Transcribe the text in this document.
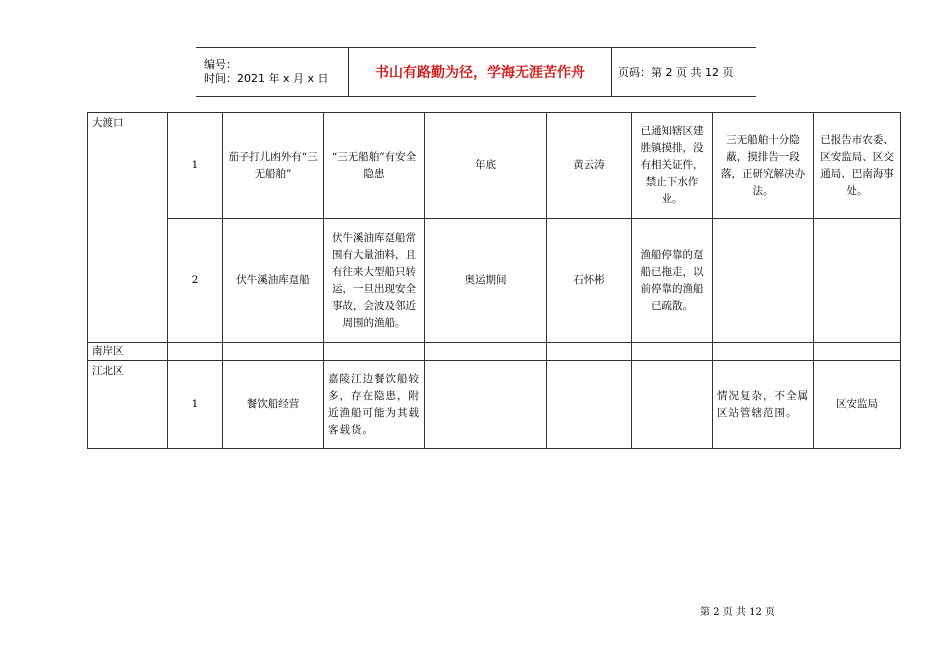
编号：
时间：2021 年 x 月 x 日	书山有路勤为径，学海无涯苦作舟	页码：第 2 页 共 12 页
大渡口	1	茄子打儿凼外有“三无船舶”	“三无船舶”有安全隐患	年底	黄云涛	已通知辖区建胜镇摸排，没有相关证件，禁止下水作业。	三无船舶十分隐蔽，摸排告一段落，正研究解决办法。	已报告市农委、区安监局、区交通局、巴南海事处。
	2	伏牛溪油库趸船	伏牛溪油库趸船常围有大量油料，且有往来大型船只转运，一旦出现安全事故，会波及邻近周围的渔船。	奥运期间	石怀彬	渔船停靠的趸船已拖走，以前停靠的渔船已疏散。		
南岸区								
江北区	1	餐饮船经营	嘉陵江边餐饮船较多，存在隐患，附近渔船可能为其载客载货。				情况复杂，不全属区站管辖范围。	区安监局
第 2 页 共 12 页
